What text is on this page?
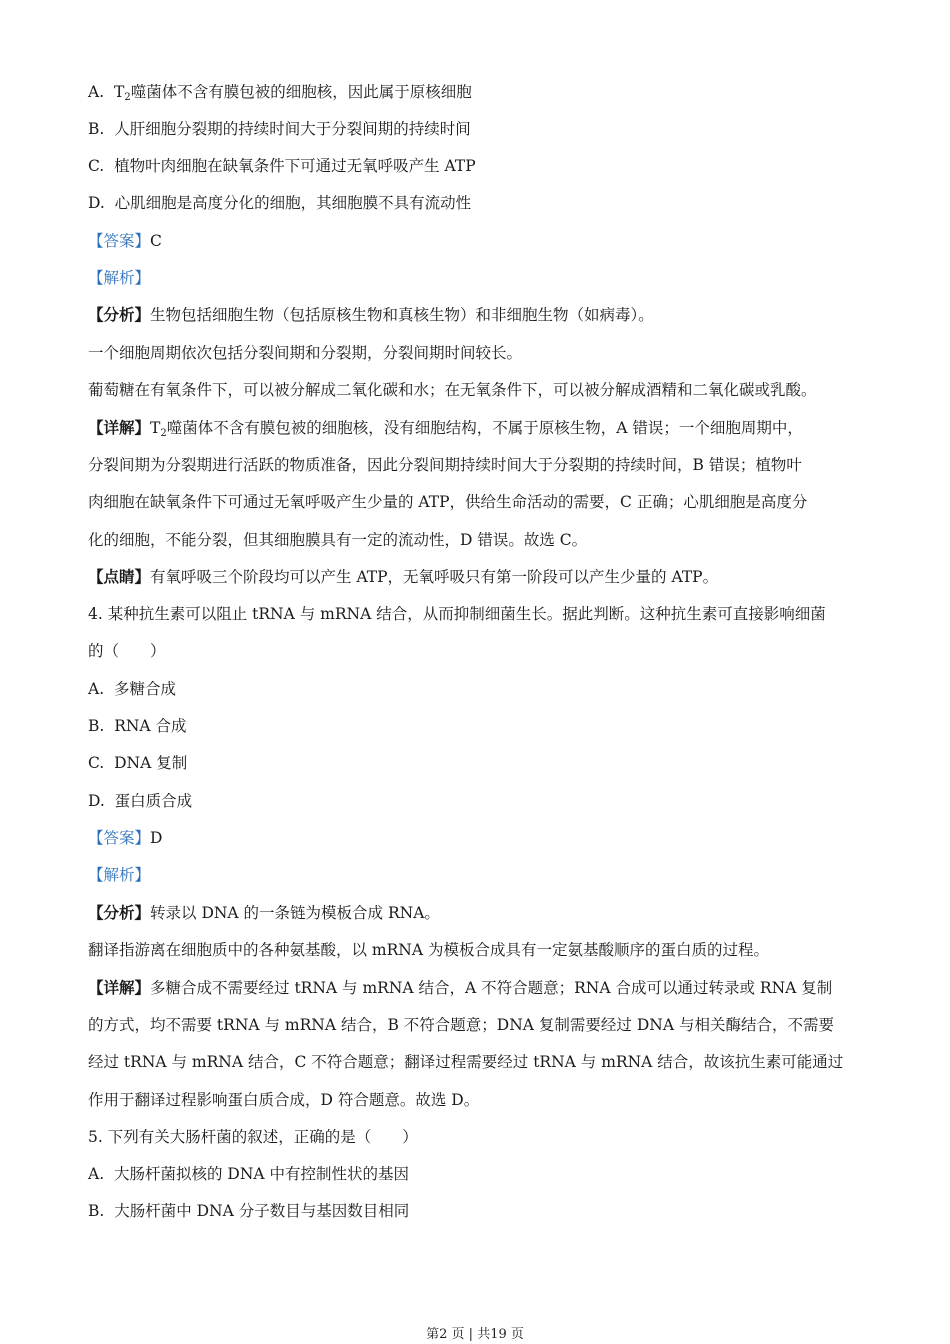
A. $T_2$噬菌体不含有膜包被的细胞核，因此属于原核细胞
B. 人肝细胞分裂期的持续时间大于分裂间期的持续时间
C. 植物叶肉细胞在缺氧条件下可通过无氧呼吸产生 ATP
D. 心肌细胞是高度分化的细胞，其细胞膜不具有流动性
【答案】C
【解析】
【分析】生物包括细胞生物（包括原核生物和真核生物）和非细胞生物（如病毒）。
一个细胞周期依次包括分裂间期和分裂期，分裂间期时间较长。
葡萄糖在有氧条件下，可以被分解成二氧化碳和水；在无氧条件下，可以被分解成酒精和二氧化碳或乳酸。
【详解】$T_2$噬菌体不含有膜包被的细胞核，没有细胞结构，不属于原核生物，A 错误；一个细胞周期中，
分裂间期为分裂期进行活跃的物质准备，因此分裂间期持续时间大于分裂期的持续时间，B 错误；植物叶
肉细胞在缺氧条件下可通过无氧呼吸产生少量的 ATP，供给生命活动的需要，C 正确；心肌细胞是高度分
化的细胞，不能分裂，但其细胞膜具有一定的流动性，D 错误。故选 C。
【点睛】有氧呼吸三个阶段均可以产生 ATP，无氧呼吸只有第一阶段可以产生少量的 ATP。
4. 某种抗生素可以阻止 tRNA 与 mRNA 结合，从而抑制细菌生长。据此判断。这种抗生素可直接影响细菌
的（　　）
A. 多糖合成
B. RNA 合成
C. DNA 复制
D. 蛋白质合成
【答案】D
【解析】
【分析】转录以 DNA 的一条链为模板合成 RNA。
翻译指游离在细胞质中的各种氨基酸，以 mRNA 为模板合成具有一定氨基酸顺序的蛋白质的过程。
【详解】多糖合成不需要经过 tRNA 与 mRNA 结合，A 不符合题意；RNA 合成可以通过转录或 RNA 复制
的方式，均不需要 tRNA 与 mRNA 结合，B 不符合题意；DNA 复制需要经过 DNA 与相关酶结合，不需要
经过 tRNA 与 mRNA 结合，C 不符合题意；翻译过程需要经过 tRNA 与 mRNA 结合，故该抗生素可能通过
作用于翻译过程影响蛋白质合成，D 符合题意。故选 D。
5. 下列有关大肠杆菌的叙述，正确的是（　　）
A. 大肠杆菌拟核的 DNA 中有控制性状的基因
B. 大肠杆菌中 DNA 分子数目与基因数目相同
第2 页 | 共19 页
